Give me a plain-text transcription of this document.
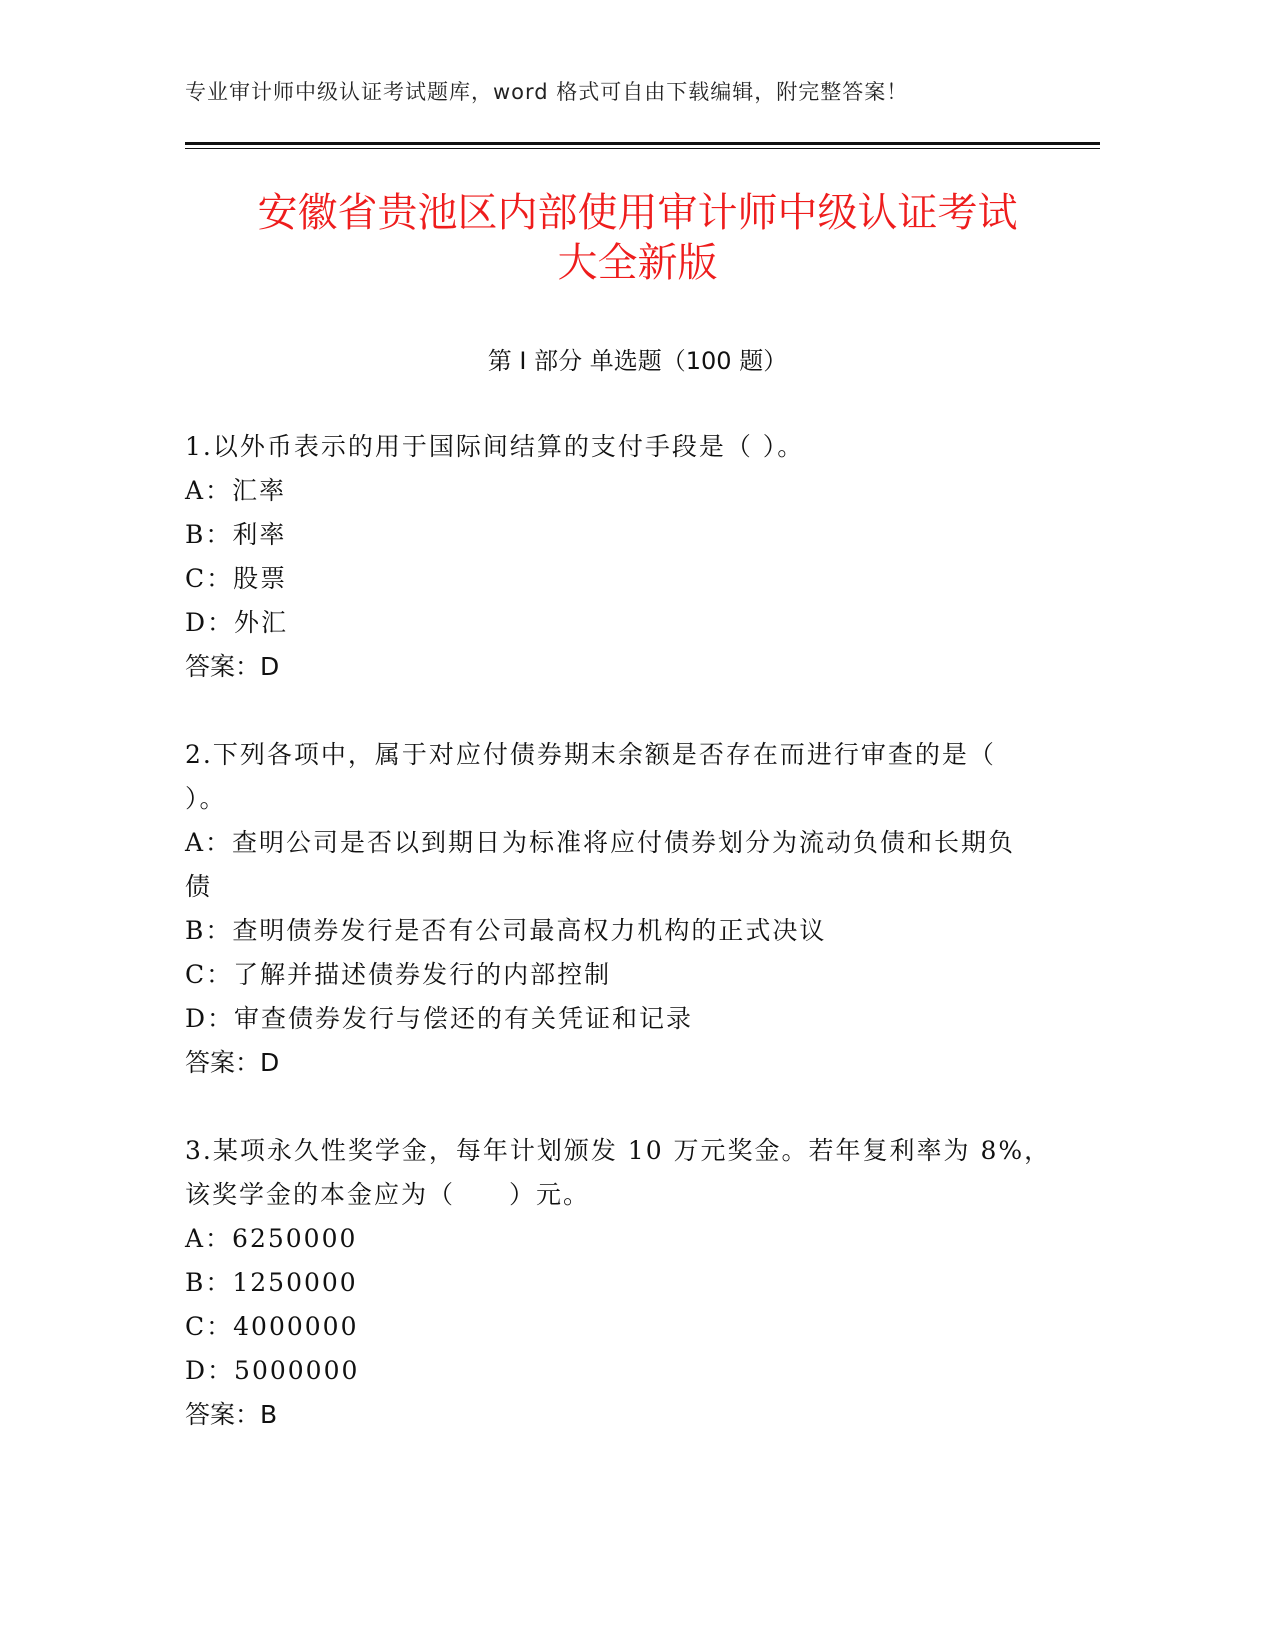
专业审计师中级认证考试题库，word 格式可自由下载编辑，附完整答案！
安徽省贵池区内部使用审计师中级认证考试
大全新版
第 I 部分 单选题（100 题）
1.以外币表示的用于国际间结算的支付手段是（ ）。
A：汇率
B：利率
C：股票
D：外汇
答案：D
2.下列各项中，属于对应付债券期末余额是否存在而进行审查的是（
）。
A：查明公司是否以到期日为标准将应付债券划分为流动负债和长期负
债
B：查明债券发行是否有公司最高权力机构的正式决议
C：了解并描述债券发行的内部控制
D：审查债券发行与偿还的有关凭证和记录
答案：D
3.某项永久性奖学金，每年计划颁发 10 万元奖金。若年复利率为 8%，
该奖学金的本金应为（　　）元。
A：6250000
B：1250000
C：4000000
D：5000000
答案：B
